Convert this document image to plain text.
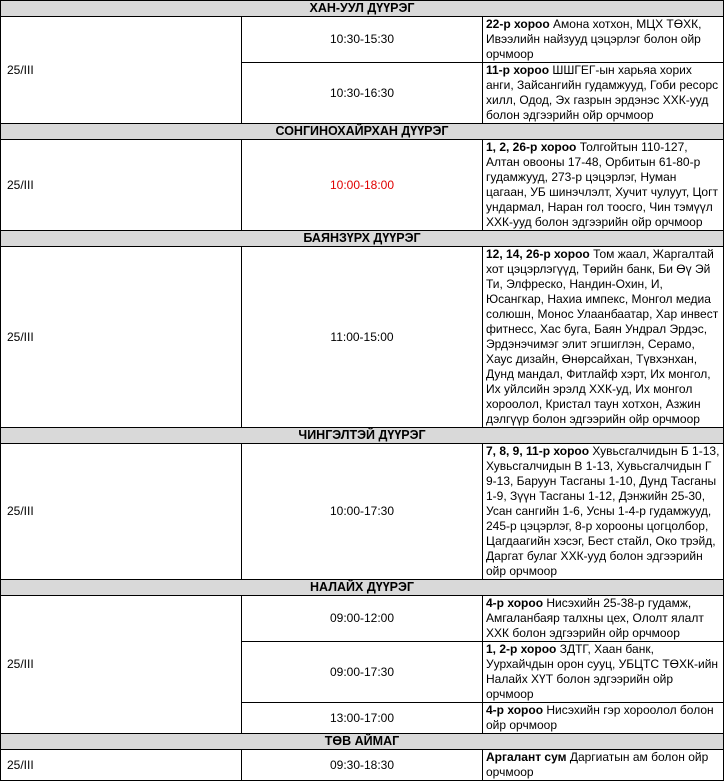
ХАН-УУЛ ДҮҮРЭГ		
25/III	10:30-15:30	22-р хороо Амона хотхон, МЦХ ТӨХК, Ивээлийн найзууд цэцэрлэг болон ойр орчмоор
	10:30-16:30	11-р хороо ШШГЕГ-ын харьяа хорих анги, Зайсангийн гудамжууд, Гоби ресорс хилл, Одод, Эх газрын эрдэнэс ХХК-ууд болон эдгээрийн ойр орчмоор
СОНГИНОХАЙРХАН ДҮҮРЭГ		
25/III	10:00-18:00	1, 2, 26-р хороо Толгойтын 110-127, Алтан овооны 17-48, Орбитын 61-80-р гудамжууд, 273-р цэцэрлэг, Нуман цагаан, УБ шинэчлэлт, Хучит чулуут, Цогт ундармал, Наран гол тоосго, Чин тэмүүл ХХК-ууд болон эдгээрийн ойр орчмоор
БАЯНЗҮРХ ДҮҮРЭГ		
25/III	11:00-15:00	12, 14, 26-р хороо Том жаал, Жаргалтай хот цэцэрлэгүүд, Төрийн банк, Би Өү Эй Ти, Элфреско, Нандин-Охин, И, Юсангкар, Нахиа импекс, Монгол медиа солюшн, Монос Улаанбаатар, Хар инвест фитнесс, Хас буга, Баян Ундрал Эрдэс, Эрдэнэчимэг элит эгшиглэн, Серамо, Хаус дизайн, Өнөрсайхан, Түвхэнхан, Дунд мандал, Фитлайф хэрт, Их монгол, Их уйлсийн эрэлд ХХК-уд, Их монгол хороолол, Кристал таун хотхон, Азжин дэлгүүр болон эдгээрийн ойр орчмоор
ЧИНГЭЛТЭЙ ДҮҮРЭГ		
25/III	10:00-17:30	7, 8, 9, 11-р хороо Хувьсгалчидын Б 1-13, Хувьсгалчидын В 1-13, Хувьсгалчидын Г 9-13, Баруун Тасганы 1-10, Дунд Тасганы 1-9, Зүүн Тасганы 1-12, Дэнжийн 25-30, Усан сангийн 1-6, Усны 1-4-р гудамжууд, 245-р цэцэрлэг, 8-р хорооны цогцолбор, Цагдаагийн хэсэг, Бест стайл, Око трэйд, Даргат булаг ХХК-ууд болон эдгээрийн ойр орчмоор
НАЛАЙХ ДҮҮРЭГ		
25/III	09:00-12:00	4-р хороо Нисэхийн 25-38-р гудамж, Амгаланбаяр талхны цех, Ололт ялалт ХХК болон эдгээрийн ойр орчмоор
	09:00-17:30	1, 2-р хороо ЗДТГ, Хаан банк, Уурхайчдын орон сууц, УБЦТС ТӨХК-ийн Налайх ХҮТ болон эдгээрийн ойр орчмоор
	13:00-17:00	4-р хороо Нисэхийн гэр хороолол болон ойр орчмоор
ТӨВ АЙМАГ		
25/III	09:30-18:30	Аргалант сум Даргиатын ам болон ойр орчмоор
